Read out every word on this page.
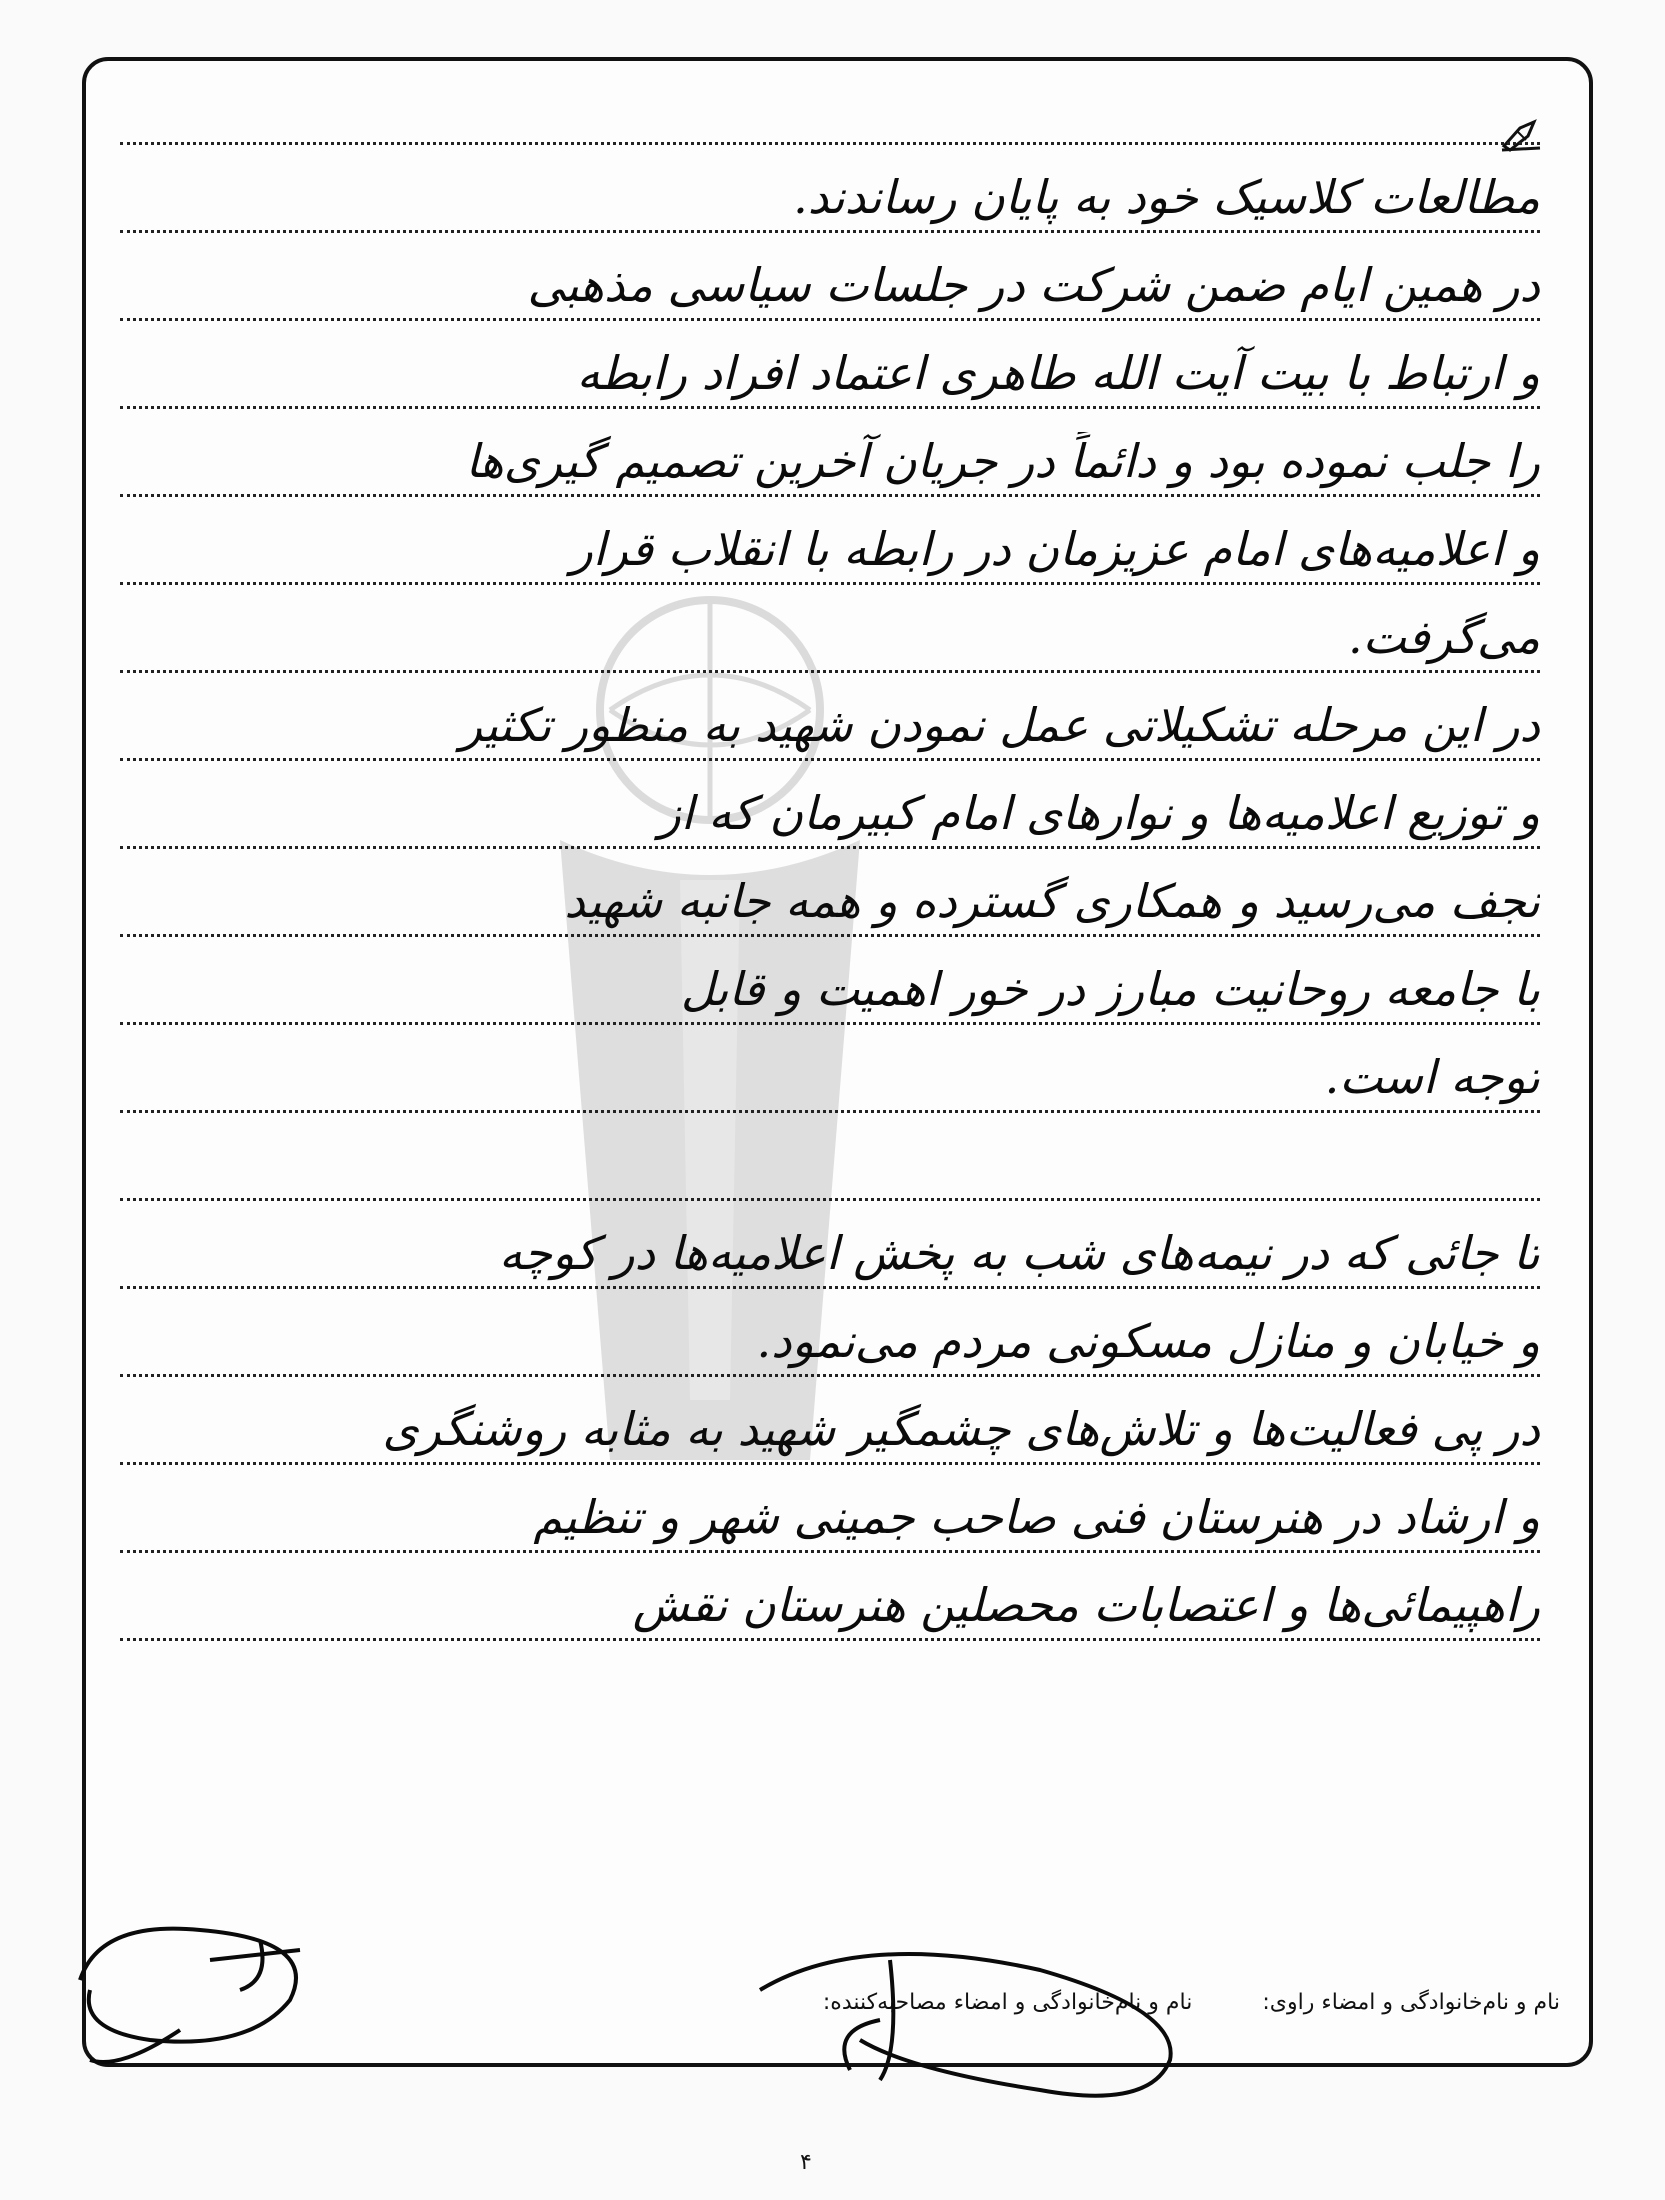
مطالعات کلاسیک خود به پایان رساندند.
در همین ایام ضمن شرکت در جلسات سیاسی مذهبی
و ارتباط با بیت آیت الله طاهری اعتماد افراد رابطه
را جلب نموده بود و دائماً در جریان آخرین تصمیم گیری‌ها
و اعلامیه‌های امام عزیزمان در رابطه با انقلاب قرار
می‌گرفت.
در این مرحله تشکیلاتی عمل نمودن شهید به منظور تکثیر
و توزیع اعلامیه‌ها و نوارهای امام کبیرمان که از
نجف می‌رسید و همکاری گسترده و همه جانبه شهید
با جامعه روحانیت مبارز در خور اهمیت و قابل
توجه است.
تا جائی که در نیمه‌های شب به پخش اعلامیه‌ها در کوچه
و خیابان و منازل مسکونی مردم می‌نمود.
در پی فعالیت‌ها و تلاش‌های چشمگیر شهید به مثابه روشنگری
و ارشاد در هنرستان فنی صاحب جمینی شهر و تنظیم
راهپیمائی‌ها و اعتصابات محصلین هنرستان نقش
نام و نام‌خانوادگی و امضاء راوی:
نام و نام‌خانوادگی و امضاء مصاحبه‌کننده:
۴
